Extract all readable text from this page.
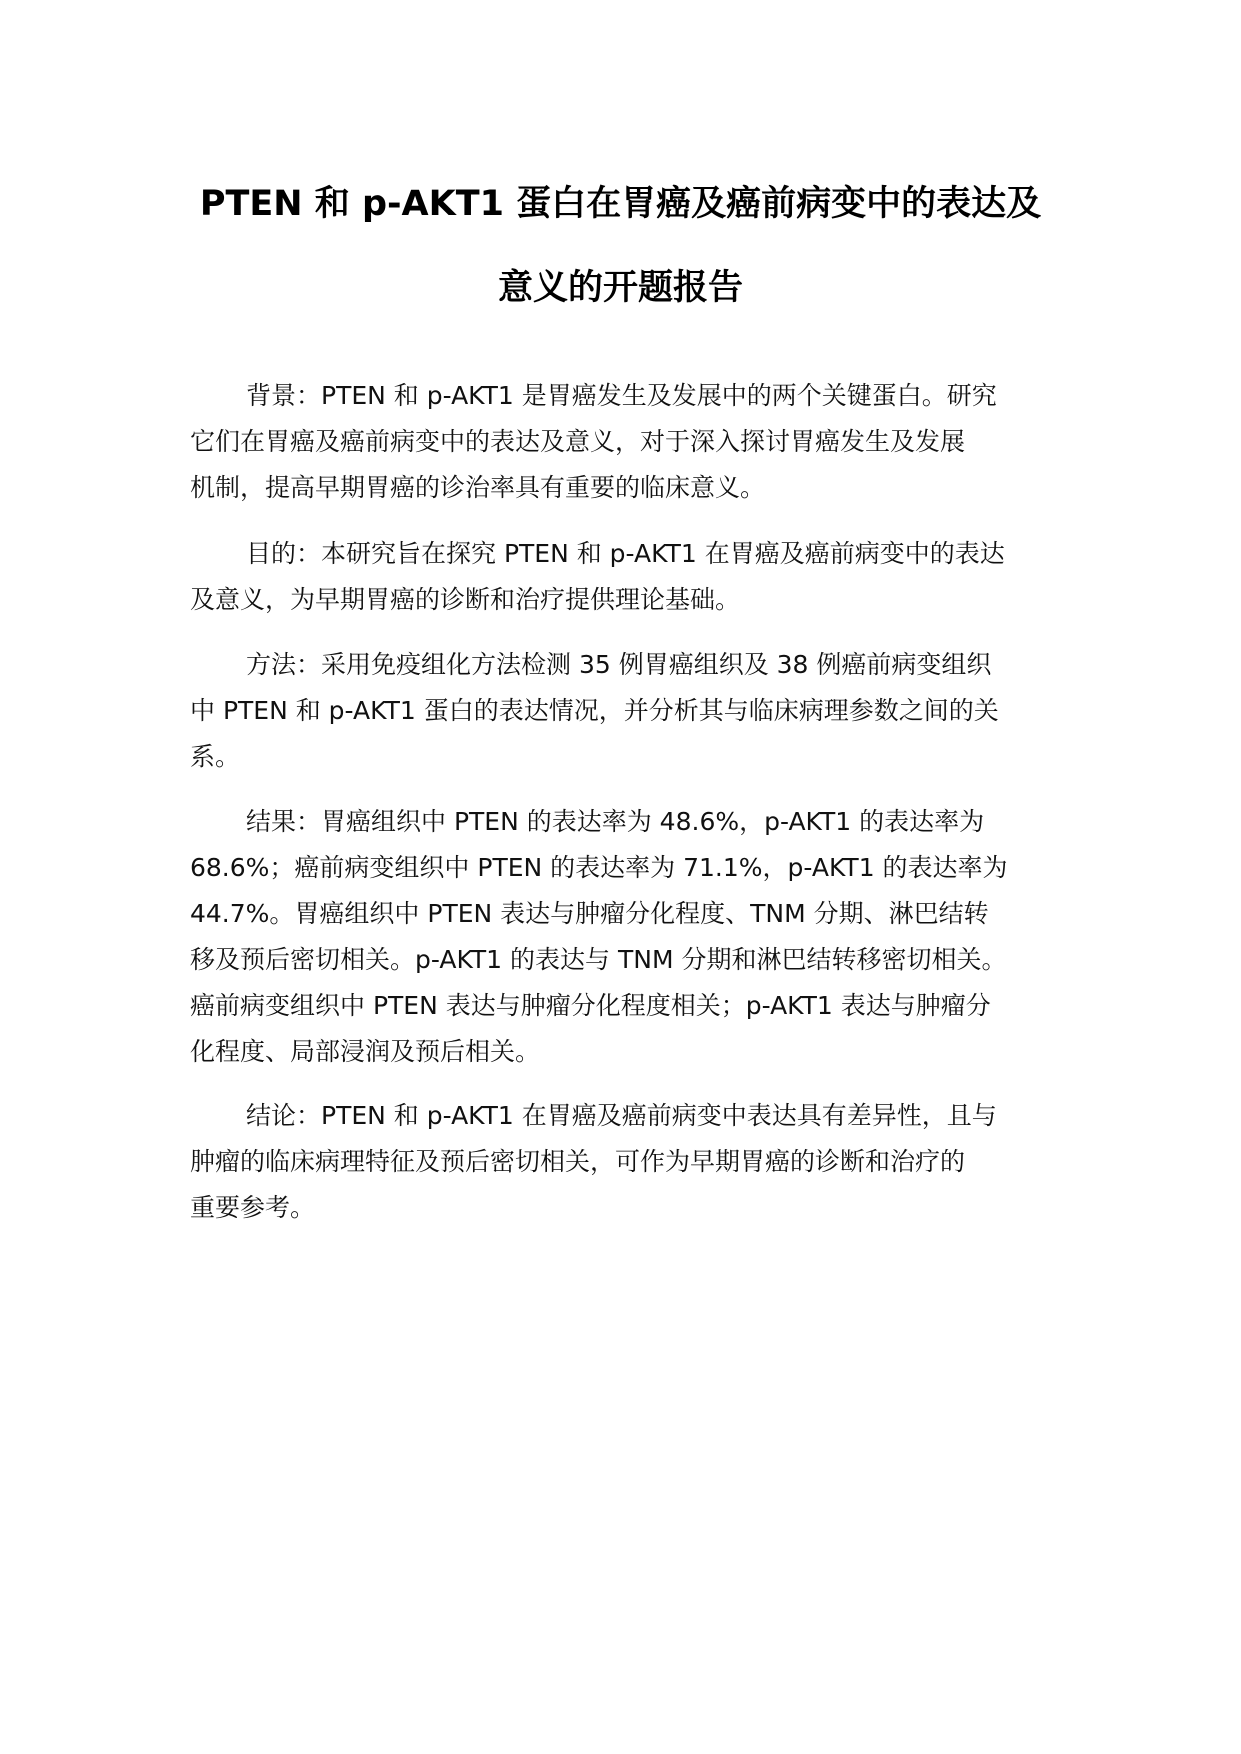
PTEN 和 p-AKT1 蛋白在胃癌及癌前病变中的表达及
意义的开题报告
背景：PTEN 和 p-AKT1 是胃癌发生及发展中的两个关键蛋白。研究
它们在胃癌及癌前病变中的表达及意义，对于深入探讨胃癌发生及发展
机制，提高早期胃癌的诊治率具有重要的临床意义。
目的：本研究旨在探究 PTEN 和 p-AKT1 在胃癌及癌前病变中的表达
及意义，为早期胃癌的诊断和治疗提供理论基础。
方法：采用免疫组化方法检测 35 例胃癌组织及 38 例癌前病变组织
中 PTEN 和 p-AKT1 蛋白的表达情况，并分析其与临床病理参数之间的关
系。
结果：胃癌组织中 PTEN 的表达率为 48.6%，p-AKT1 的表达率为
68.6%；癌前病变组织中 PTEN 的表达率为 71.1%，p-AKT1 的表达率为
44.7%。胃癌组织中 PTEN 表达与肿瘤分化程度、TNM 分期、淋巴结转
移及预后密切相关。p-AKT1 的表达与 TNM 分期和淋巴结转移密切相关。
癌前病变组织中 PTEN 表达与肿瘤分化程度相关；p-AKT1 表达与肿瘤分
化程度、局部浸润及预后相关。
结论：PTEN 和 p-AKT1 在胃癌及癌前病变中表达具有差异性，且与
肿瘤的临床病理特征及预后密切相关，可作为早期胃癌的诊断和治疗的
重要参考。
